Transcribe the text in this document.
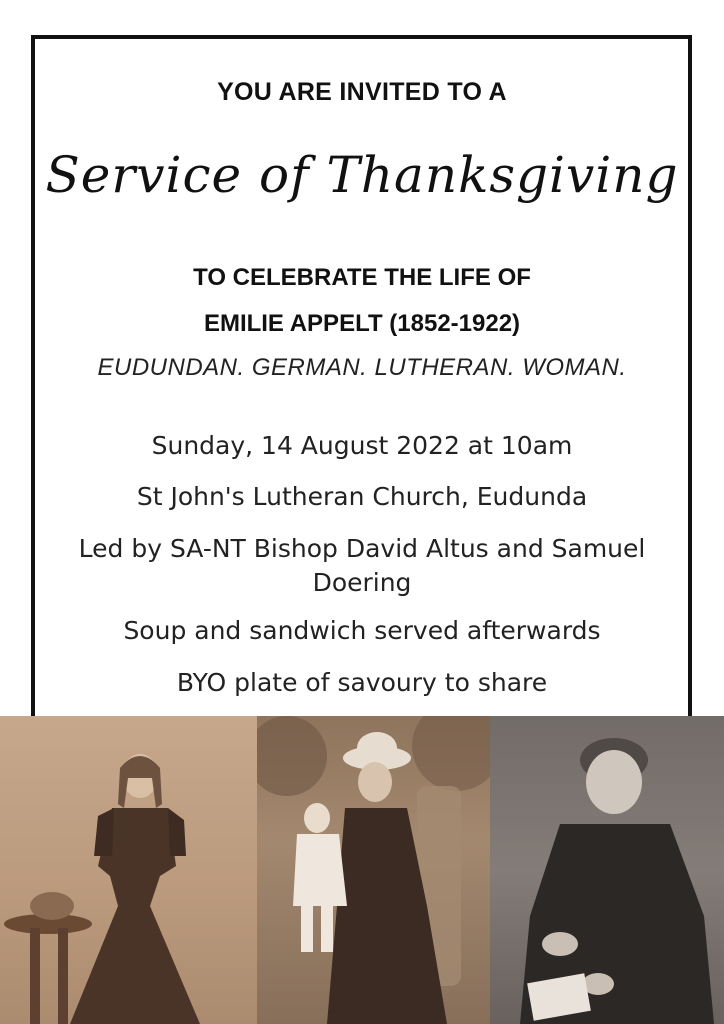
YOU ARE INVITED TO A

Service of Thanksgiving

TO CELEBRATE THE LIFE OF

EMILIE APPELT (1852-1922)

EUDUNDAN. GERMAN. LUTHERAN. WOMAN.

Sunday, 14 August 2022 at 10am

St John's Lutheran Church, Eudunda

Led by SA-NT Bishop David Altus and Samuel Doering

Soup and sandwich served afterwards

BYO plate of savoury to share
